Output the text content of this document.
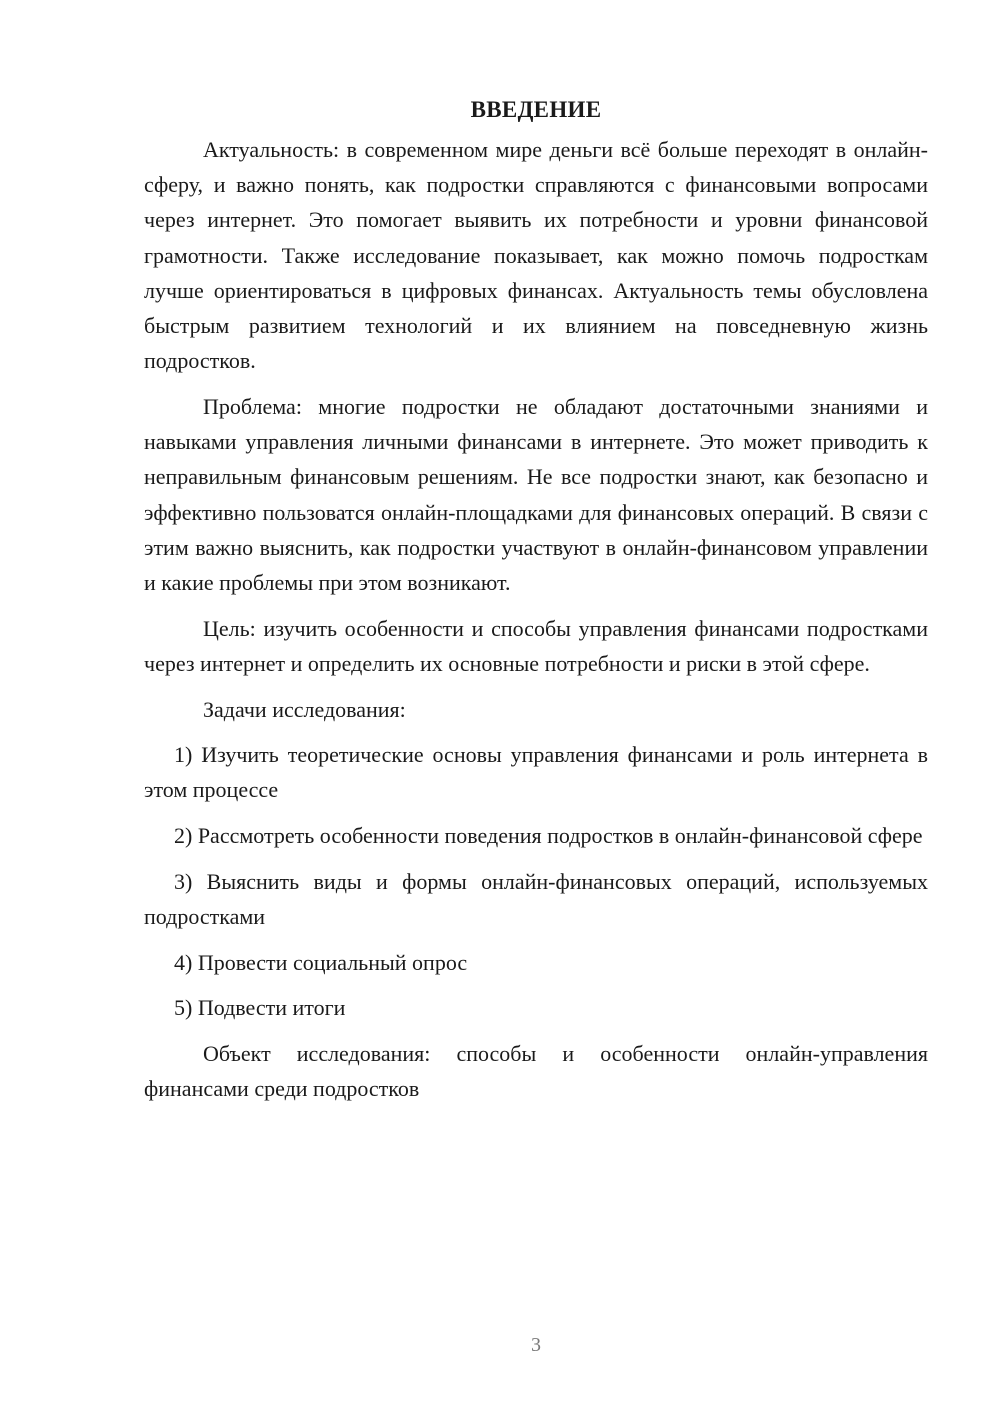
ВВЕДЕНИЕ

Актуальность: в современном мире деньги всё больше переходят в онлайн-сферу, и важно понять, как подростки справляются с финансовыми вопросами через интернет. Это помогает выявить их потребности и уровни финансовой грамотности. Также исследование показывает, как можно помочь подросткам лучше ориентироваться в цифровых финансах. Актуальность темы обусловлена быстрым развитием технологий и их влиянием на повседневную жизнь подростков.

Проблема: многие подростки не обладают достаточными знаниями и навыками управления личными финансами в интернете. Это может приводить к неправильным финансовым решениям. Не все подростки знают, как безопасно и эффективно пользоватся онлайн-площадками для финансовых операций. В связи с этим важно выяснить, как подростки участвуют в онлайн-финансовом управлении и какие проблемы при этом возникают.

Цель: изучить особенности и способы управления финансами подростками через интернет и определить их основные потребности и риски в этой сфере.

Задачи исследования:

1) Изучить теоретические основы управления финансами и роль интернета в этом процессе

2) Рассмотреть особенности поведения подростков в онлайн-финансовой сфере

3) Выяснить виды и формы онлайн-финансовых операций, используемых подростками

4) Провести социальный опрос

5) Подвести итоги

Объект исследования: способы и особенности онлайн-управления финансами среди подростков

3
